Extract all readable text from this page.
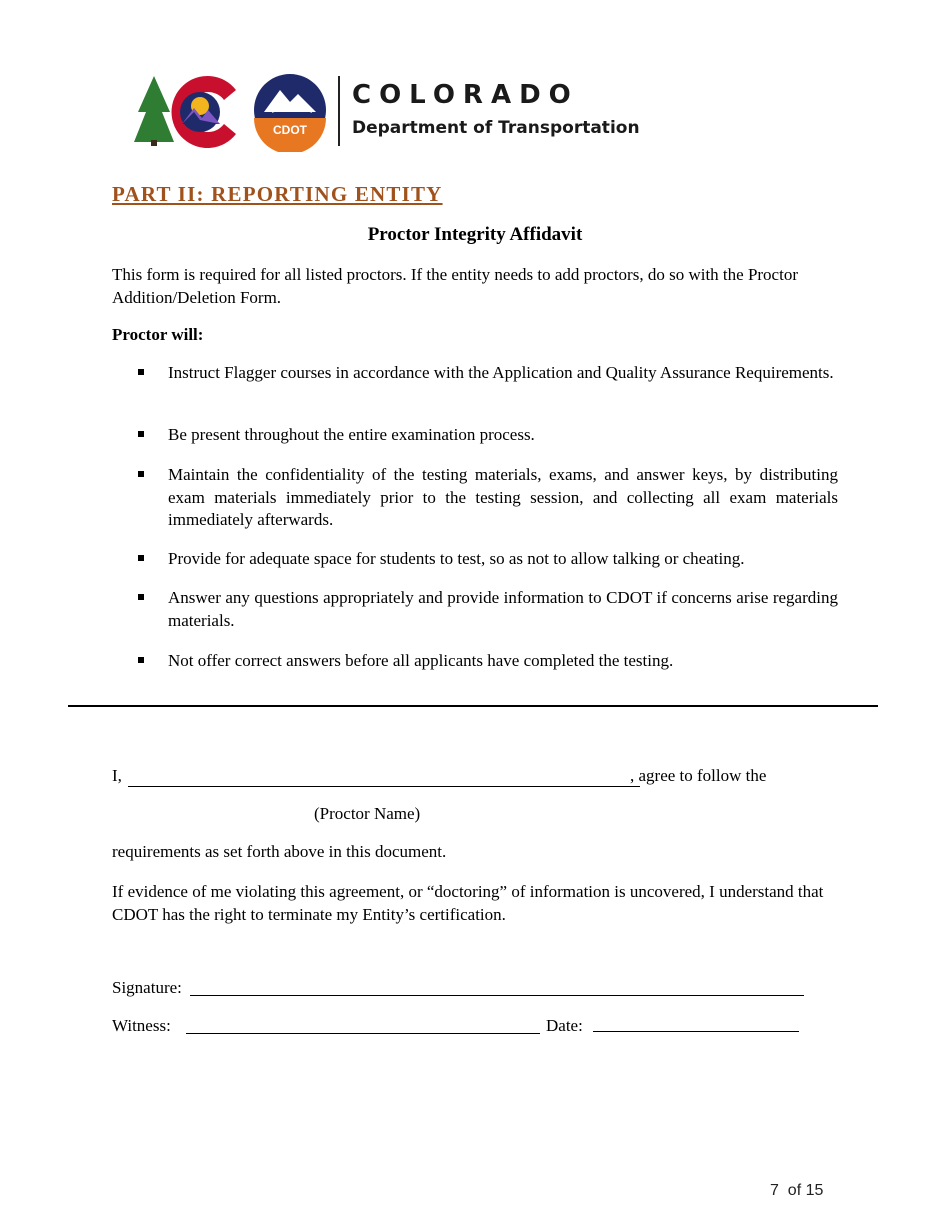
CDOT
COLORADO
Department of Transportation
PART II: REPORTING ENTITY
Proctor Integrity Affidavit
This form is required for all listed proctors. If the entity needs to add proctors, do so with the Proctor Addition/Deletion Form.
Proctor will:
Instruct Flagger courses in accordance with the Application and Quality Assurance Requirements.
Be present throughout the entire examination process.
Maintain the confidentiality of the testing materials, exams, and answer keys, by distributing exam materials immediately prior to the testing session, and collecting all exam materials immediately afterwards.
Provide for adequate space for students to test, so as not to allow talking or cheating.
Answer any questions appropriately and provide information to CDOT if concerns arise regarding materials.
Not offer correct answers before all applicants have completed the testing.
I,	, agree to follow the
(Proctor Name)
requirements as set forth above in this document.
If evidence of me violating this agreement, or “doctoring” of information is uncovered, I understand that CDOT has the right to terminate my Entity’s certification.
Signature:
Witness:	Date:
7 of 15
